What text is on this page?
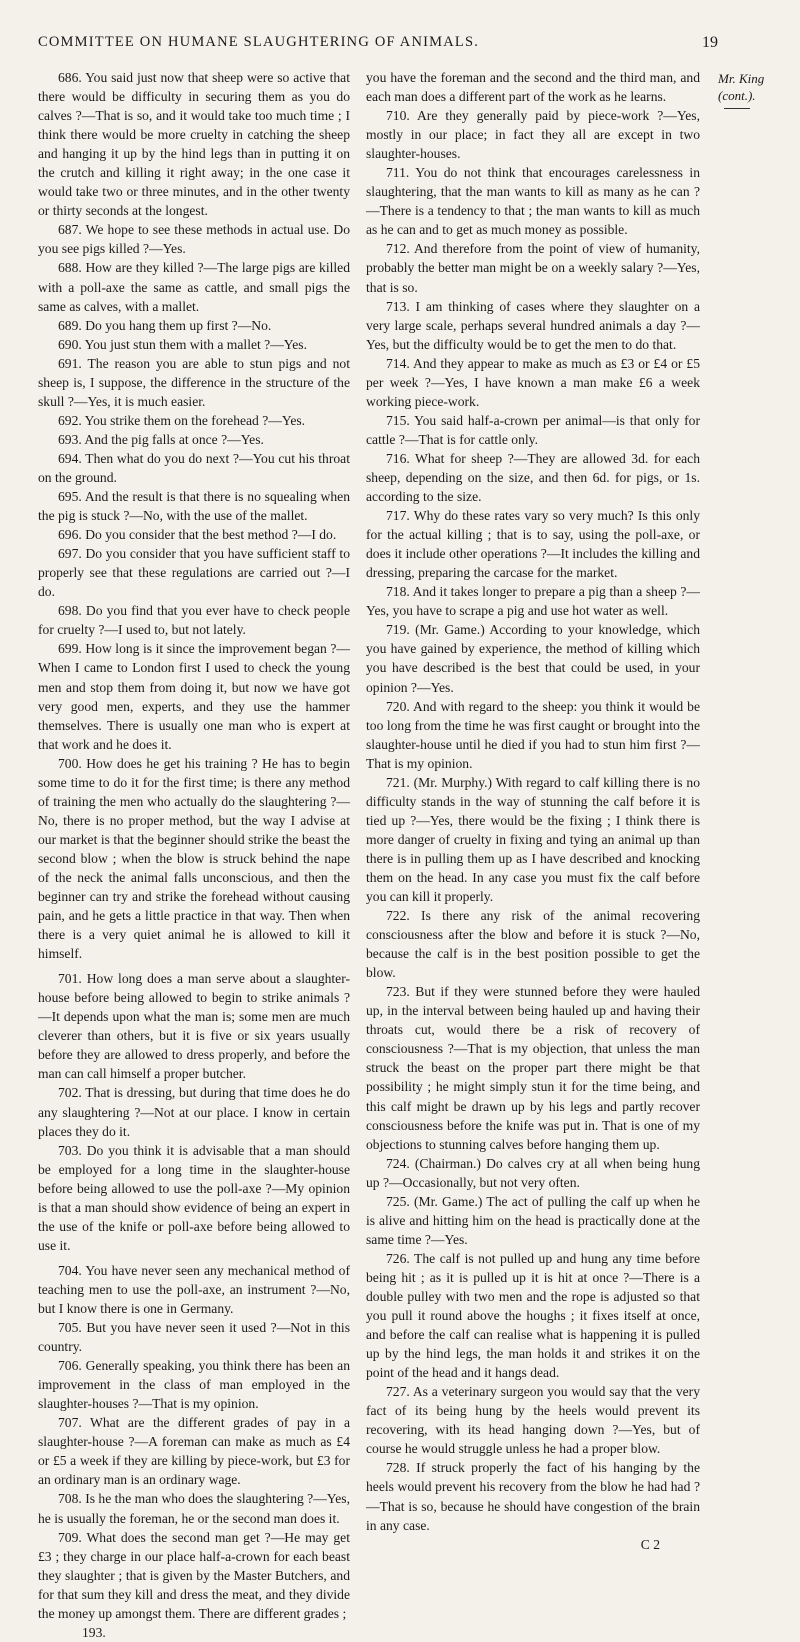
COMMITTEE ON HUMANE SLAUGHTERING OF ANIMALS.	19

686. You said just now that sheep were so active that there would be difficulty in securing them as you do calves ?—That is so, and it would take too much time ; I think there would be more cruelty in catching the sheep and hanging it up by the hind legs than in putting it on the crutch and killing it right away; in the one case it would take two or three minutes, and in the other twenty or thirty seconds at the longest.

687. We hope to see these methods in actual use. Do you see pigs killed ?—Yes.

688. How are they killed ?—The large pigs are killed with a poll-axe the same as cattle, and small pigs the same as calves, with a mallet.

689. Do you hang them up first ?—No.

690. You just stun them with a mallet ?—Yes.

691. The reason you are able to stun pigs and not sheep is, I suppose, the difference in the structure of the skull ?—Yes, it is much easier.

692. You strike them on the forehead ?—Yes.

693. And the pig falls at once ?—Yes.

694. Then what do you do next ?—You cut his throat on the ground.

695. And the result is that there is no squealing when the pig is stuck ?—No, with the use of the mallet.

696. Do you consider that the best method ?—I do.

697. Do you consider that you have sufficient staff to properly see that these regulations are carried out ?—I do.

698. Do you find that you ever have to check people for cruelty ?—I used to, but not lately.

699. How long is it since the improvement began ?—When I came to London first I used to check the young men and stop them from doing it, but now we have got very good men, experts, and they use the hammer themselves. There is usually one man who is expert at that work and he does it.

700. How does he get his training ? He has to begin some time to do it for the first time; is there any method of training the men who actually do the slaughtering ?—No, there is no proper method, but the way I advise at our market is that the beginner should strike the beast the second blow ; when the blow is struck behind the nape of the neck the animal falls unconscious, and then the beginner can try and strike the forehead without causing pain, and he gets a little practice in that way. Then when there is a very quiet animal he is allowed to kill it himself.

701. How long does a man serve about a slaughter-house before being allowed to begin to strike animals ?—It depends upon what the man is; some men are much cleverer than others, but it is five or six years usually before they are allowed to dress properly, and before the man can call himself a proper butcher.

702. That is dressing, but during that time does he do any slaughtering ?—Not at our place. I know in certain places they do it.

703. Do you think it is advisable that a man should be employed for a long time in the slaughter-house before being allowed to use the poll-axe ?—My opinion is that a man should show evidence of being an expert in the use of the knife or poll-axe before being allowed to use it.

704. You have never seen any mechanical method of teaching men to use the poll-axe, an instrument ?—No, but I know there is one in Germany.

705. But you have never seen it used ?—Not in this country.

706. Generally speaking, you think there has been an improvement in the class of man employed in the slaughter-houses ?—That is my opinion.

707. What are the different grades of pay in a slaughter-house ?—A foreman can make as much as £4 or £5 a week if they are killing by piece-work, but £3 for an ordinary man is an ordinary wage.

708. Is he the man who does the slaughtering ?—Yes, he is usually the foreman, he or the second man does it.

709. What does the second man get ?—He may get £3 ; they charge in our place half-a-crown for each beast they slaughter ; that is given by the Master Butchers, and for that sum they kill and dress the meat, and they divide the money up amongst them. There are different grades ;

193.

you have the foreman and the second and the third man, and each man does a different part of the work as he learns.

710. Are they generally paid by piece-work ?—Yes, mostly in our place; in fact they all are except in two slaughter-houses.

711. You do not think that encourages carelessness in slaughtering, that the man wants to kill as many as he can ?—There is a tendency to that ; the man wants to kill as much as he can and to get as much money as possible.

712. And therefore from the point of view of humanity, probably the better man might be on a weekly salary ?—Yes, that is so.

713. I am thinking of cases where they slaughter on a very large scale, perhaps several hundred animals a day ?—Yes, but the difficulty would be to get the men to do that.

714. And they appear to make as much as £3 or £4 or £5 per week ?—Yes, I have known a man make £6 a week working piece-work.

715. You said half-a-crown per animal—is that only for cattle ?—That is for cattle only.

716. What for sheep ?—They are allowed 3d. for each sheep, depending on the size, and then 6d. for pigs, or 1s. according to the size.

717. Why do these rates vary so very much? Is this only for the actual killing ; that is to say, using the poll-axe, or does it include other operations ?—It includes the killing and dressing, preparing the carcase for the market.

718. And it takes longer to prepare a pig than a sheep ?—Yes, you have to scrape a pig and use hot water as well.

719. (Mr. Game.) According to your knowledge, which you have gained by experience, the method of killing which you have described is the best that could be used, in your opinion ?—Yes.

720. And with regard to the sheep: you think it would be too long from the time he was first caught or brought into the slaughter-house until he died if you had to stun him first ?—That is my opinion.

721. (Mr. Murphy.) With regard to calf killing there is no difficulty stands in the way of stunning the calf before it is tied up ?—Yes, there would be the fixing ; I think there is more danger of cruelty in fixing and tying an animal up than there is in pulling them up as I have described and knocking them on the head. In any case you must fix the calf before you can kill it properly.

722. Is there any risk of the animal recovering consciousness after the blow and before it is stuck ?—No, because the calf is in the best position possible to get the blow.

723. But if they were stunned before they were hauled up, in the interval between being hauled up and having their throats cut, would there be a risk of recovery of consciousness ?—That is my objection, that unless the man struck the beast on the proper part there might be that possibility ; he might simply stun it for the time being, and this calf might be drawn up by his legs and partly recover consciousness before the knife was put in. That is one of my objections to stunning calves before hanging them up.

724. (Chairman.) Do calves cry at all when being hung up ?—Occasionally, but not very often.

725. (Mr. Game.) The act of pulling the calf up when he is alive and hitting him on the head is practically done at the same time ?—Yes.

726. The calf is not pulled up and hung any time before being hit ; as it is pulled up it is hit at once ?—There is a double pulley with two men and the rope is adjusted so that you pull it round above the houghs ; it fixes itself at once, and before the calf can realise what is happening it is pulled up by the hind legs, the man holds it and strikes it on the point of the head and it hangs dead.

727. As a veterinary surgeon you would say that the very fact of its being hung by the heels would prevent its recovering, with its head hanging down ?—Yes, but of course he would struggle unless he had a proper blow.

728. If struck properly the fact of his hanging by the heels would prevent his recovery from the blow he had had ?—That is so, because he should have congestion of the brain in any case.

C 2

Mr. King
(cont.).
